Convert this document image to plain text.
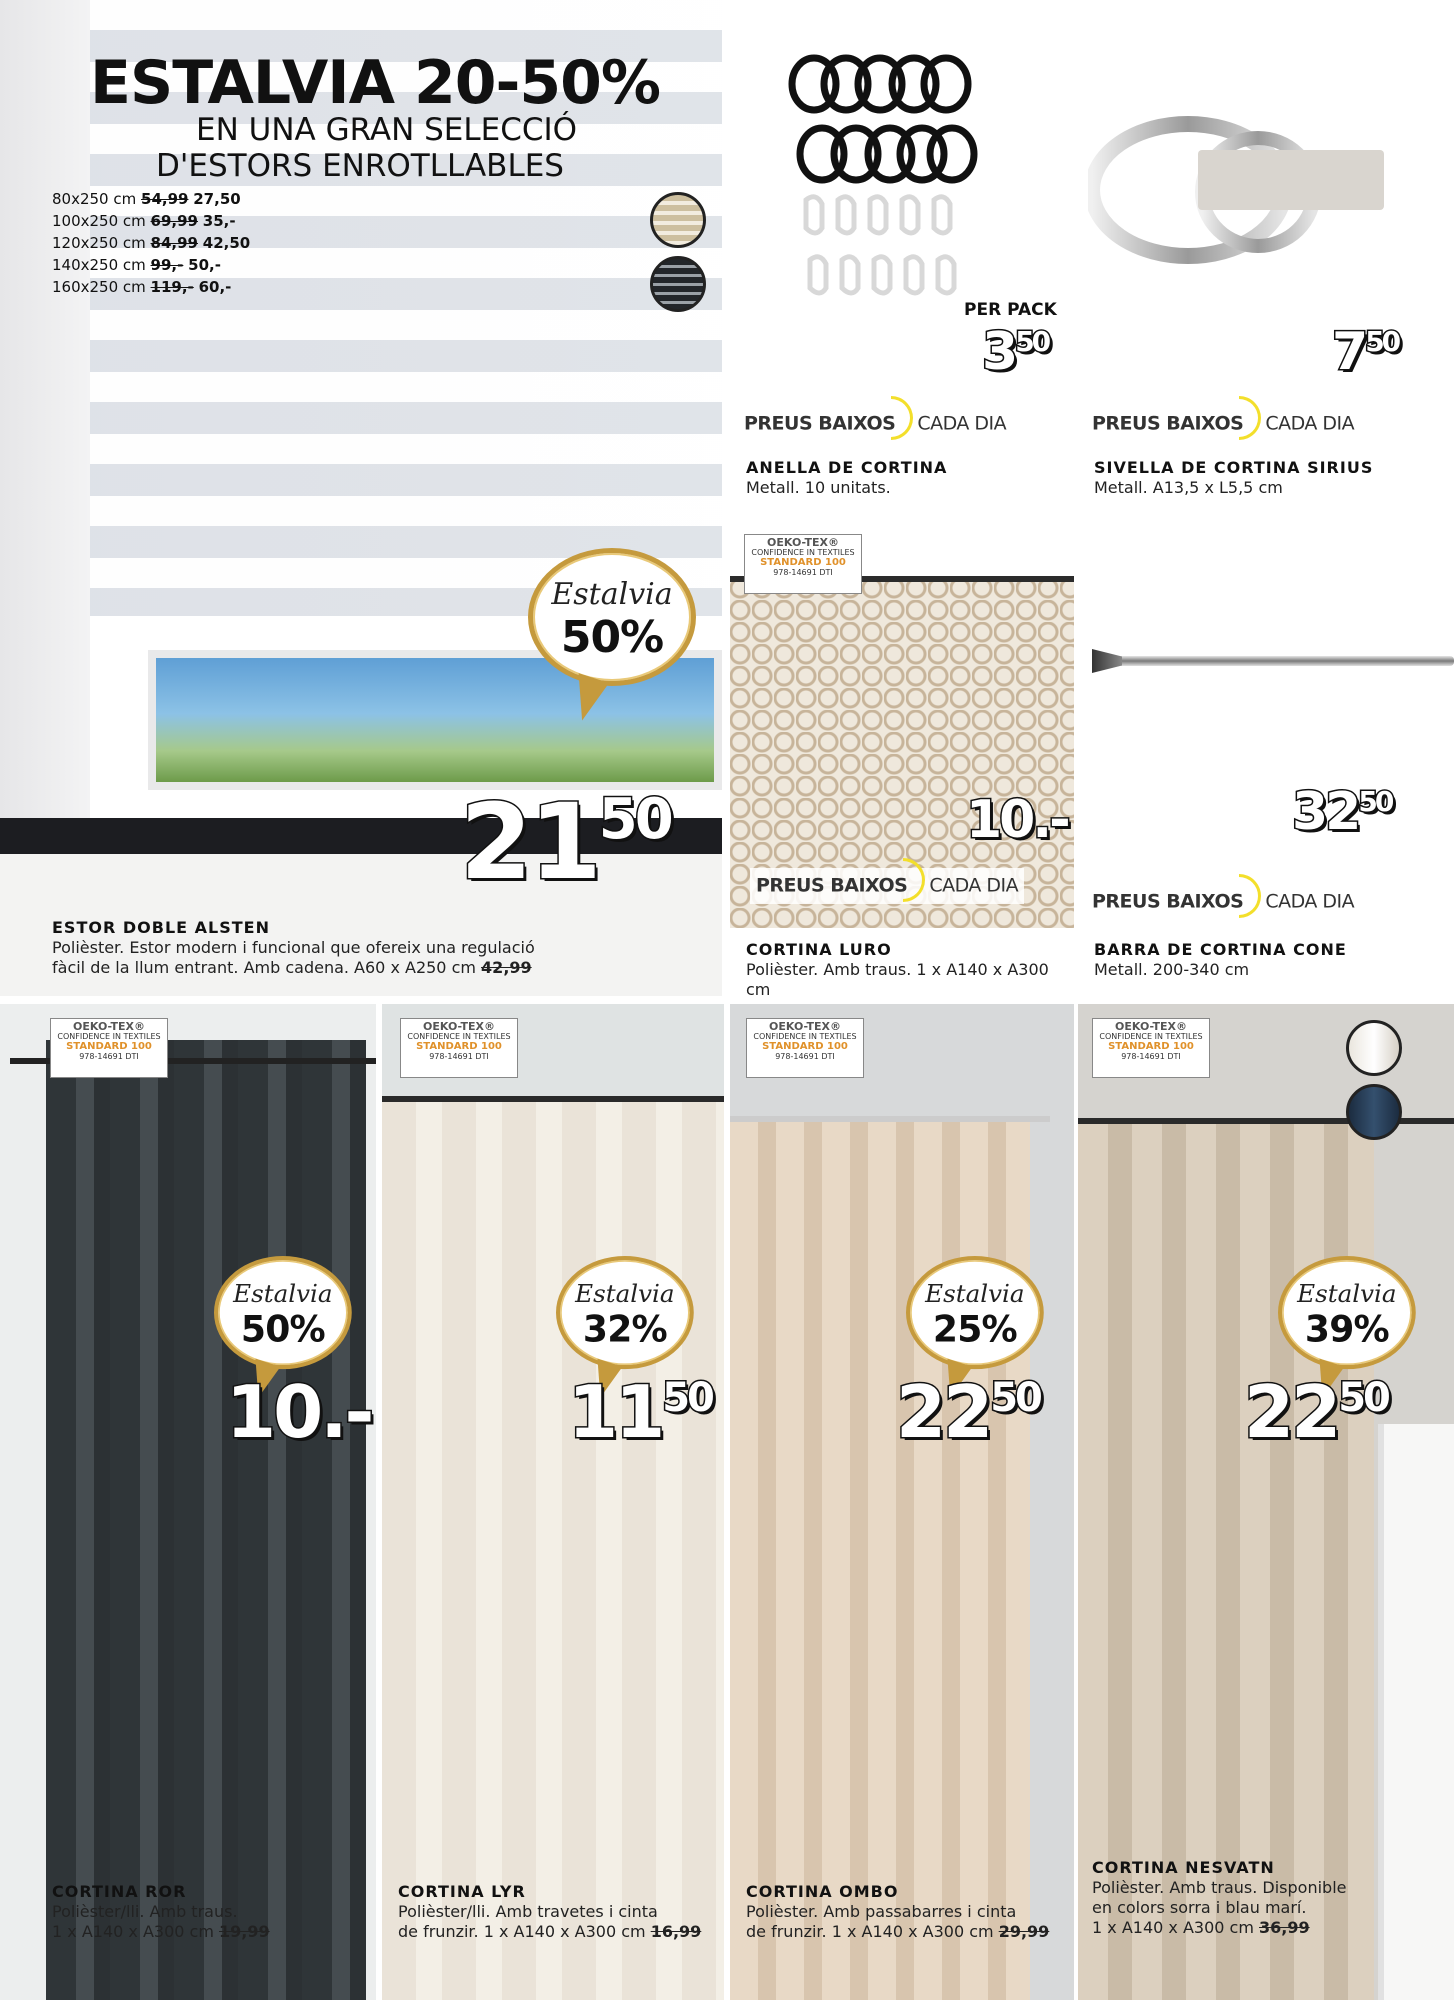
ESTALVIA 20-50%
EN UNA GRAN SELECCIÓ
D'ESTORS ENROTLLABLES
80x250 cm 54,99 27,50
100x250 cm 69,99 35,-
120x250 cm 84,99 42,50
140x250 cm 99,- 50,-
160x250 cm 119,- 60,-
Estalvia
50%
2150
ESTOR DOBLE ALSTEN
Polièster. Estor modern i funcional que ofereix una regulació
fàcil de la llum entrant. Amb cadena. A60 x A250 cm 42,99
PER PACK
350
PREUS BAIXOS CADA DIA
ANELLA DE CORTINA
Metall. 10 unitats.
750
PREUS BAIXOS CADA DIA
SIVELLA DE CORTINA SIRIUS
Metall. A13,5 x L5,5 cm
OEKO-TEX®
CONFIDENCE IN TEXTILES
STANDARD 100
978-14691 DTI
10.-
PREUS BAIXOS CADA DIA
CORTINA LURO
Polièster. Amb traus. 1 x A140 x A300 cm
3250
PREUS BAIXOS CADA DIA
BARRA DE CORTINA CONE
Metall. 200-340 cm
OEKO-TEX®
CONFIDENCE IN TEXTILES
STANDARD 100
978-14691 DTI
Estalvia
50%
10.-
CORTINA ROR
Polièster/lli. Amb traus.
1 x A140 x A300 cm 19,99
OEKO-TEX®
CONFIDENCE IN TEXTILES
STANDARD 100
978-14691 DTI
Estalvia
32%
1150
CORTINA LYR
Polièster/lli. Amb travetes i cinta
de frunzir. 1 x A140 x A300 cm 16,99
OEKO-TEX®
CONFIDENCE IN TEXTILES
STANDARD 100
978-14691 DTI
Estalvia
25%
2250
CORTINA OMBO
Polièster. Amb passabarres i cinta
de frunzir. 1 x A140 x A300 cm 29,99
OEKO-TEX®
CONFIDENCE IN TEXTILES
STANDARD 100
978-14691 DTI
Estalvia
39%
2250
CORTINA NESVATN
Polièster. Amb traus. Disponible
en colors sorra i blau marí.
1 x A140 x A300 cm 36,99
